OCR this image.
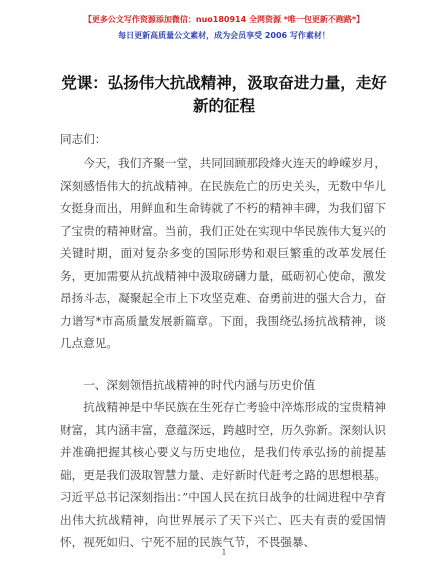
【更多公文写作资源添加微信：nuo180914 全网资源 *唯一包更新不跑路*】
每日更新高质量公文素材，成为会员享受 2006 写作素材！
党课：弘扬伟大抗战精神，汲取奋进力量，走好新的征程

同志们：

今天，我们齐聚一堂，共同回顾那段烽火连天的峥嵘岁月，深刻感悟伟大的抗战精神。在民族危亡的历史关头，无数中华儿女挺身而出，用鲜血和生命铸就了不朽的精神丰碑，为我们留下了宝贵的精神财富。当前，我们正处在实现中华民族伟大复兴的关键时期，面对复杂多变的国际形势和艰巨繁重的改革发展任务，更加需要从抗战精神中汲取磅礴力量，砥砺初心使命，激发昂扬斗志，凝聚起全市上下攻坚克难、奋勇前进的强大合力，奋力谱写*市高质量发展新篇章。下面，我围绕弘扬抗战精神，谈几点意见。

一、深刻领悟抗战精神的时代内涵与历史价值

抗战精神是中华民族在生死存亡考验中淬炼形成的宝贵精神财富，其内涵丰富，意蕴深远，跨越时空，历久弥新。深刻认识并准确把握其核心要义与历史地位，是我们传承弘扬的前提基础，更是我们汲取智慧力量、走好新时代赶考之路的思想根基。习近平总书记深刻指出：”中国人民在抗日战争的壮阔进程中孕育出伟大抗战精神，向世界展示了天下兴亡、匹夫有责的爱国情怀，视死如归、宁死不屈的民族气节，不畏强暴、

1
